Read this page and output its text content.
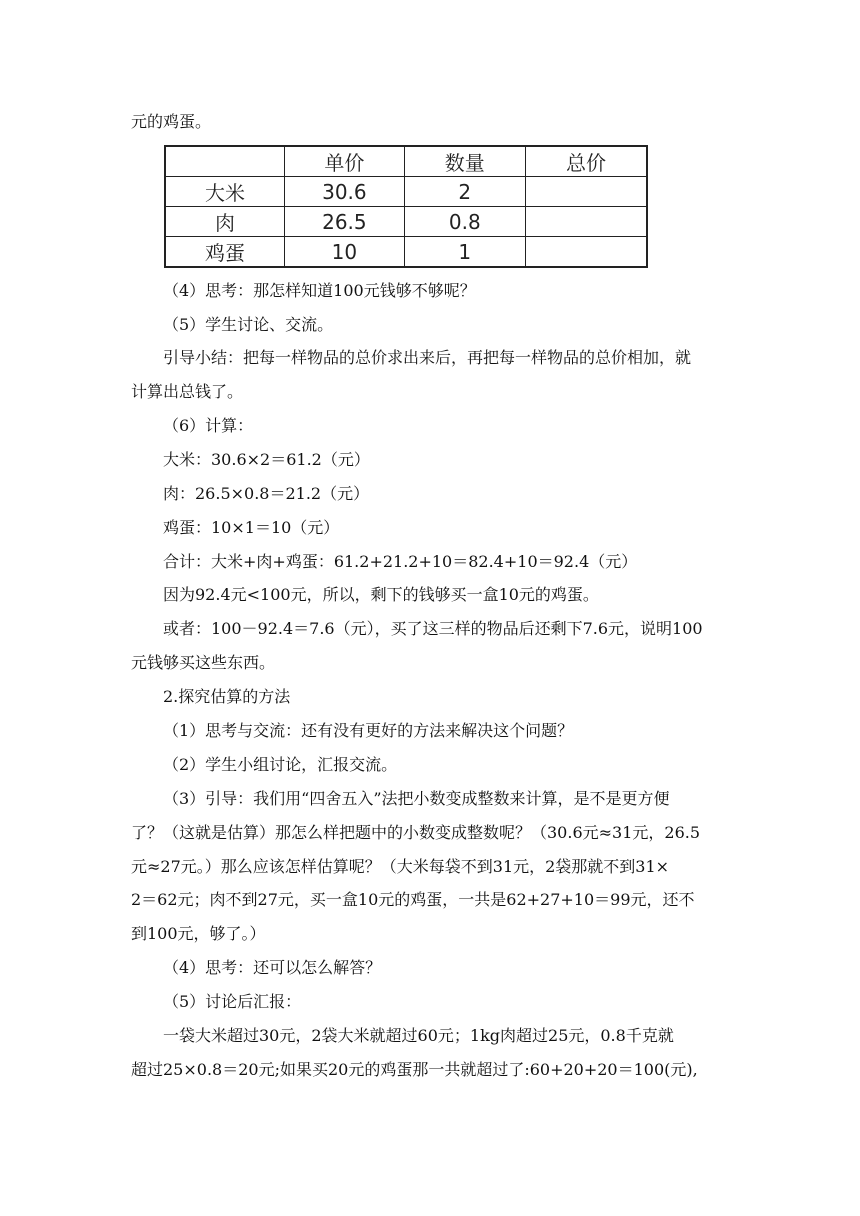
元的鸡蛋。
	单价	数量	总价
大米	30.6	2	
肉	26.5	0.8	
鸡蛋	10	1	
（4）思考：那怎样知道100元钱够不够呢？
（5）学生讨论、交流。
引导小结：把每一样物品的总价求出来后，再把每一样物品的总价相加，就
计算出总钱了。
（6）计算：
大米：30.6×2＝61.2（元）
肉：26.5×0.8＝21.2（元）
鸡蛋：10×1＝10（元）
合计：大米+肉+鸡蛋：61.2+21.2+10＝82.4+10＝92.4（元）
因为92.4元<100元，所以，剩下的钱够买一盒10元的鸡蛋。
或者：100－92.4＝7.6（元），买了这三样的物品后还剩下7.6元，说明100
元钱够买这些东西。
2.探究估算的方法
（1）思考与交流：还有没有更好的方法来解决这个问题？
（2）学生小组讨论，汇报交流。
（3）引导：我们用“四舍五入”法把小数变成整数来计算，是不是更方便
了？（这就是估算）那怎么样把题中的小数变成整数呢？（30.6元≈31元，26.5
元≈27元。）那么应该怎样估算呢？（大米每袋不到31元，2袋那就不到31×
2＝62元；肉不到27元，买一盒10元的鸡蛋，一共是62+27+10＝99元，还不
到100元，够了。）
（4）思考：还可以怎么解答？
（5）讨论后汇报：
一袋大米超过30元，2袋大米就超过60元；1kg肉超过25元，0.8千克就
超过25×0.8＝20元;如果买20元的鸡蛋那一共就超过了:60+20+20＝100(元),
